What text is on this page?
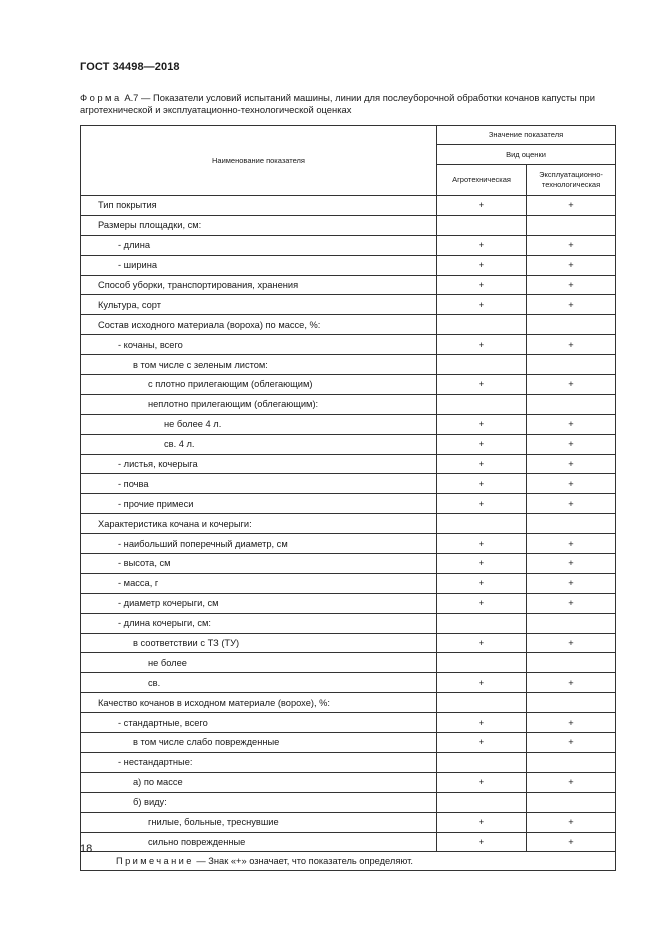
ГОСТ 34498—2018
Форма А.7 — Показатели условий испытаний машины, линии для послеуборочной обработки кочанов капусты при агротехнической и эксплуатационно-технологической оценках
Наименование показателя	Значение показателя	
	Вид оценки	
	Агротехническая	Эксплуатационно-
технологическая
Тип покрытия	+	+
Размеры площадки, см:		
- длина	+	+
- ширина	+	+
Способ уборки, транспортирования, хранения	+	+
Культура, сорт	+	+
Состав исходного материала (вороха) по массе, %:		
- кочаны, всего	+	+
в том числе с зеленым листом:		
с плотно прилегающим (облегающим)	+	+
неплотно прилегающим (облегающим):		
не более 4 л.	+	+
св. 4 л.	+	+
- листья, кочерыга	+	+
- почва	+	+
- прочие примеси	+	+
Характеристика кочана и кочерыги:		
- наибольший поперечный диаметр, см	+	+
- высота, см	+	+
- масса, г	+	+
- диаметр кочерыги, см	+	+
- длина кочерыги, см:		
в соответствии с ТЗ (ТУ)	+	+
не более		
св.	+	+
Качество кочанов в исходном материале (ворохе), %:		
- стандартные, всего	+	+
в том числе слабо поврежденные	+	+
- нестандартные:		
а) по массе	+	+
б) виду:		
гнилые, больные, треснувшие	+	+
сильно поврежденные	+	+
Примечание — Знак «+» означает, что показатель определяют.		
18
